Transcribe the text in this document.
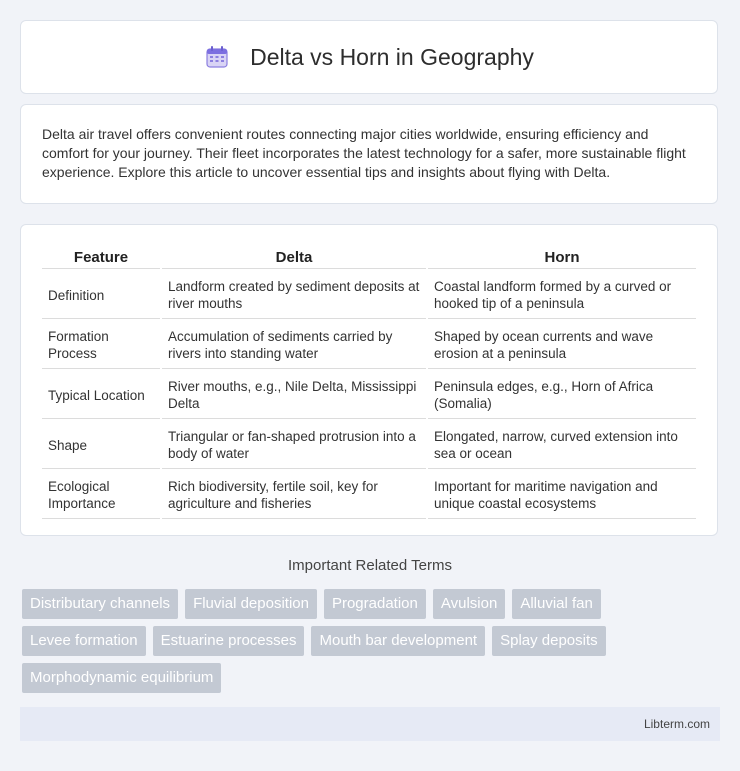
Delta vs Horn in Geography

Delta air travel offers convenient routes connecting major cities worldwide, ensuring efficiency and comfort for your journey. Their fleet incorporates the latest technology for a safer, more sustainable flight experience. Explore this article to uncover essential tips and insights about flying with Delta.

Feature	Delta	Horn
Definition	Landform created by sediment deposits at river mouths	Coastal landform formed by a curved or hooked tip of a peninsula
Formation Process	Accumulation of sediments carried by rivers into standing water	Shaped by ocean currents and wave erosion at a peninsula
Typical Location	River mouths, e.g., Nile Delta, Mississippi Delta	Peninsula edges, e.g., Horn of Africa (Somalia)
Shape	Triangular or fan-shaped protrusion into a body of water	Elongated, narrow, curved extension into sea or ocean
Ecological Importance	Rich biodiversity, fertile soil, key for agriculture and fisheries	Important for maritime navigation and unique coastal ecosystems
Important Related Terms
Distributary channels	Fluvial deposition	Progradation	Avulsion	Alluvial fan
Levee formation	Estuarine processes	Mouth bar development	Splay deposits
Morphodynamic equilibrium
Libterm.com
